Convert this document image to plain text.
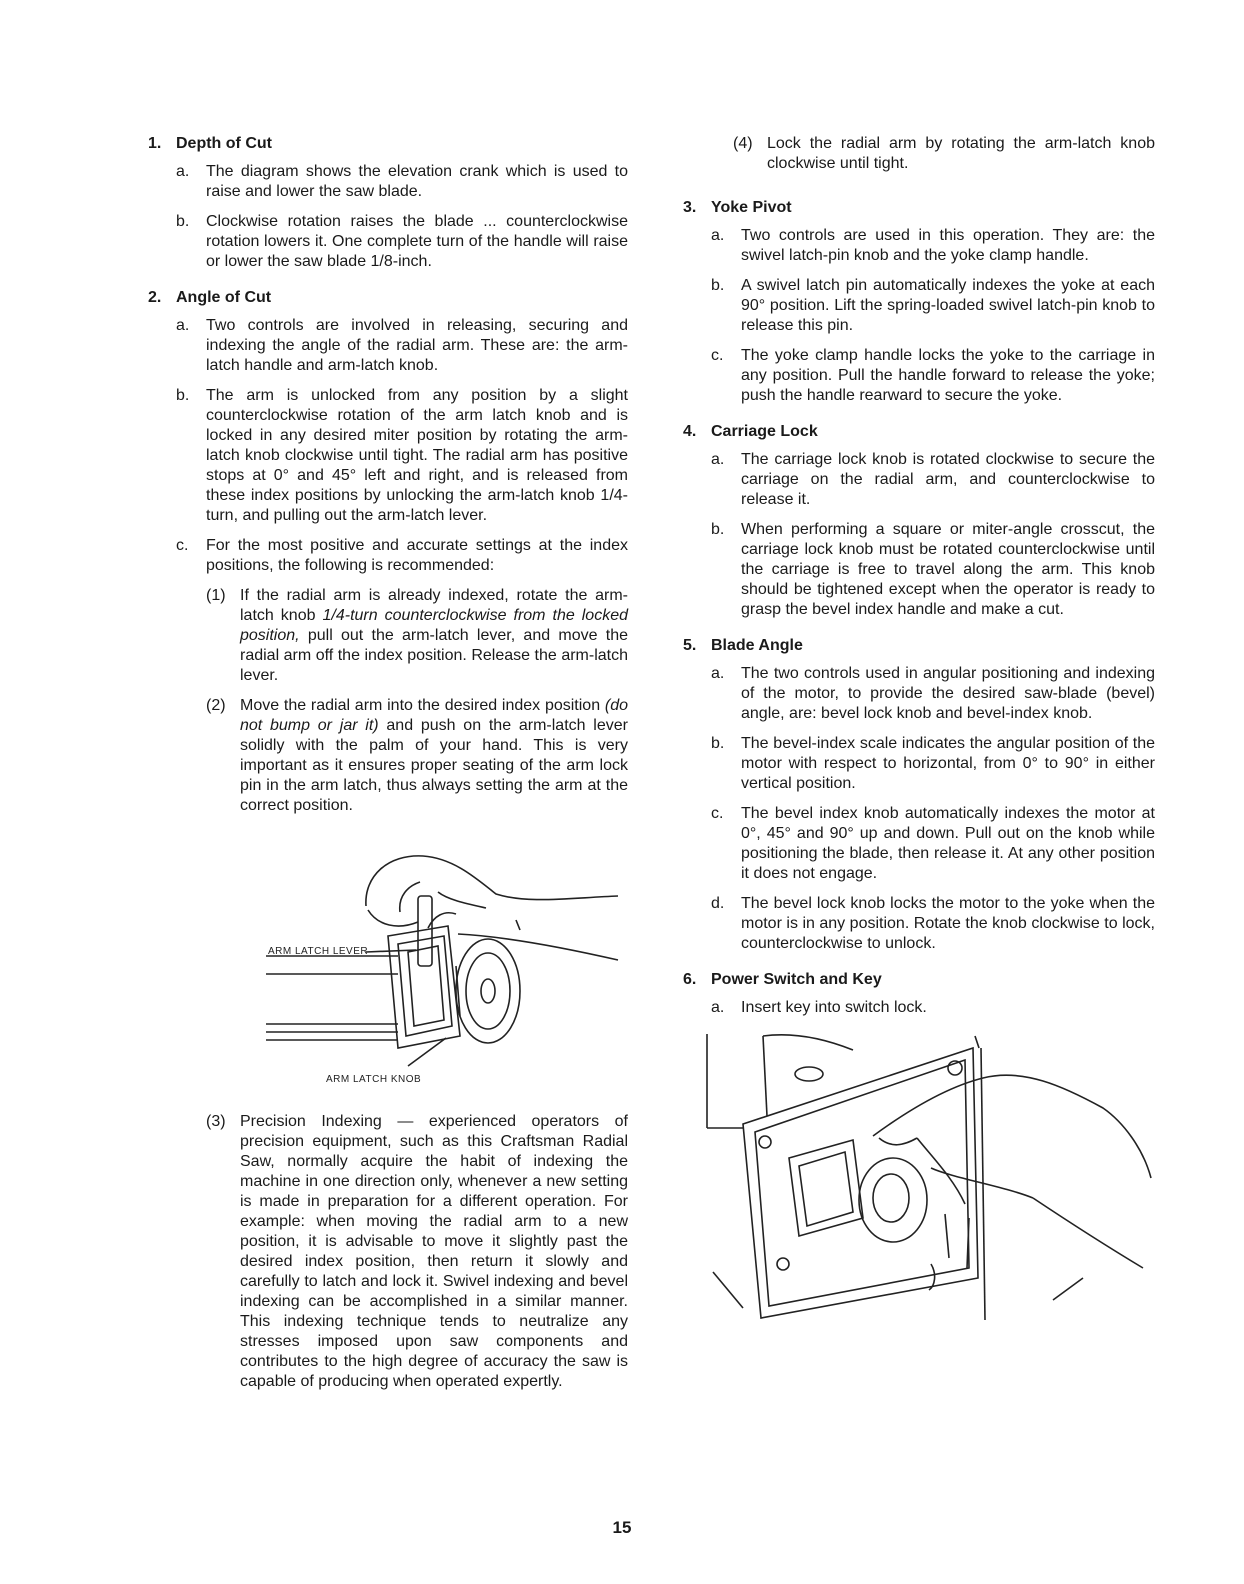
1. Depth of Cut
a.	The diagram shows the elevation crank which is used to raise and lower the saw blade.
b.	Clockwise rotation raises the blade ... counterclockwise rotation lowers it. One complete turn of the handle will raise or lower the saw blade 1/8-inch.
2. Angle of Cut
a.	Two controls are involved in releasing, securing and indexing the angle of the radial arm. These are: the arm-latch handle and arm-latch knob.
b.	The arm is unlocked from any position by a slight counterclockwise rotation of the arm latch knob and is locked in any desired miter position by rotating the arm-latch knob clockwise until tight. The radial arm has positive stops at 0° and 45° left and right, and is released from these index positions by unlocking the arm-latch knob 1/4-turn, and pulling out the arm-latch lever.
c.	For the most positive and accurate settings at the index positions, the following is recommended:
(1) If the radial arm is already indexed, rotate the arm-latch knob 1/4-turn counterclockwise from the locked position, pull out the arm-latch lever, and move the radial arm off the index position. Release the arm-latch lever.
(2) Move the radial arm into the desired index position (do not bump or jar it) and push on the arm-latch lever solidly with the palm of your hand. This is very important as it ensures proper seating of the arm lock pin in the arm latch, thus always setting the arm at the correct position.
ARM LATCH LEVER
ARM LATCH KNOB
(3) Precision Indexing — experienced operators of precision equipment, such as this Craftsman Radial Saw, normally acquire the habit of indexing the machine in one direction only, whenever a new setting is made in preparation for a different operation. For example: when moving the radial arm to a new position, it is advisable to move it slightly past the desired index position, then return it slowly and carefully to latch and lock it. Swivel indexing and bevel indexing can be accomplished in a similar manner. This indexing technique tends to neutralize any stresses imposed upon saw components and contributes to the high degree of accuracy the saw is capable of producing when operated expertly.
(4) Lock the radial arm by rotating the arm-latch knob clockwise until tight.
3. Yoke Pivot
a.	Two controls are used in this operation. They are: the swivel latch-pin knob and the yoke clamp handle.
b.	A swivel latch pin automatically indexes the yoke at each 90° position. Lift the spring-loaded swivel latch-pin knob to release this pin.
c.	The yoke clamp handle locks the yoke to the carriage in any position. Pull the handle forward to release the yoke; push the handle rearward to secure the yoke.
4. Carriage Lock
a.	The carriage lock knob is rotated clockwise to secure the carriage on the radial arm, and counterclockwise to release it.
b.	When performing a square or miter-angle crosscut, the carriage lock knob must be rotated counterclockwise until the carriage is free to travel along the arm. This knob should be tightened except when the operator is ready to grasp the bevel index handle and make a cut.
5. Blade Angle
a.	The two controls used in angular positioning and indexing of the motor, to provide the desired saw-blade (bevel) angle, are: bevel lock knob and bevel-index knob.
b.	The bevel-index scale indicates the angular position of the motor with respect to horizontal, from 0° to 90° in either vertical position.
c.	The bevel index knob automatically indexes the motor at 0°, 45° and 90° up and down. Pull out on the knob while positioning the blade, then release it. At any other position it does not engage.
d.	The bevel lock knob locks the motor to the yoke when the motor is in any position. Rotate the knob clockwise to lock, counterclockwise to unlock.
6. Power Switch and Key
a.	Insert key into switch lock.
15
